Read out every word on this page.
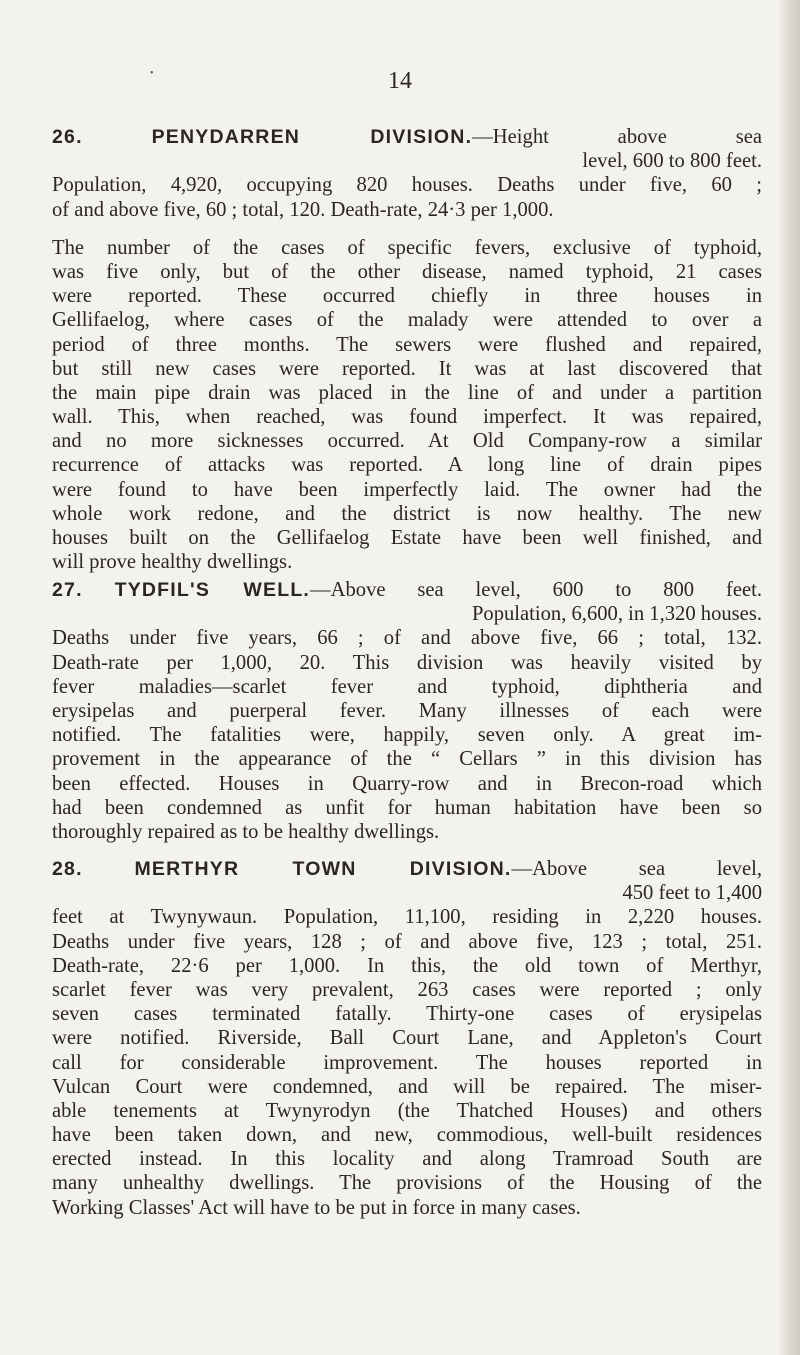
•	14
26.	PENYDARREN DIVISION.—Height above sea
level, 600 to 800 feet.
Population, 4,920, occupying 820 houses. Deaths under five, 60 ;
of and above five, 60 ; total, 120. Death-rate, 24·3 per 1,000.
The number of the cases of specific fevers, exclusive of typhoid,
was five only, but of the other disease, named typhoid, 21 cases
were reported. These occurred chiefly in three houses in
Gellifaelog, where cases of the malady were attended to over a
period of three months. The sewers were flushed and repaired,
but still new cases were reported. It was at last discovered that
the main pipe drain was placed in the line of and under a partition
wall. This, when reached, was found imperfect. It was repaired,
and no more sicknesses occurred. At Old Company-row a similar
recurrence of attacks was reported. A long line of drain pipes
were found to have been imperfectly laid. The owner had the
whole work redone, and the district is now healthy. The new
houses built on the Gellifaelog Estate have been well finished, and
will prove healthy dwellings.
27. TYDFIL'S WELL.—Above sea level, 600 to 800 feet.
Population, 6,600, in 1,320 houses.
Deaths under five years, 66 ; of and above five, 66 ; total, 132.
Death-rate per 1,000, 20. This division was heavily visited by
fever maladies—scarlet fever and typhoid, diphtheria and
erysipelas and puerperal fever. Many illnesses of each were
notified. The fatalities were, happily, seven only. A great im-
provement in the appearance of the “ Cellars ” in this division has
been effected. Houses in Quarry-row and in Brecon-road which
had been condemned as unfit for human habitation have been so
thoroughly repaired as to be healthy dwellings.
28.	MERTHYR TOWN DIVISION.—Above sea level,
450 feet to 1,400
feet at Twynywaun. Population, 11,100, residing in 2,220 houses.
Deaths under five years, 128 ; of and above five, 123 ; total, 251.
Death-rate, 22·6 per 1,000. In this, the old town of Merthyr,
scarlet fever was very prevalent, 263 cases were reported ; only
seven cases terminated fatally. Thirty-one cases of erysipelas
were notified. Riverside, Ball Court Lane, and Appleton's Court
call for considerable improvement. The houses reported in
Vulcan Court were condemned, and will be repaired. The miser-
able tenements at Twynyrodyn (the Thatched Houses) and others
have been taken down, and new, commodious, well-built residences
erected instead. In this locality and along Tramroad South are
many unhealthy dwellings. The provisions of the Housing of the
Working Classes' Act will have to be put in force in many cases.
